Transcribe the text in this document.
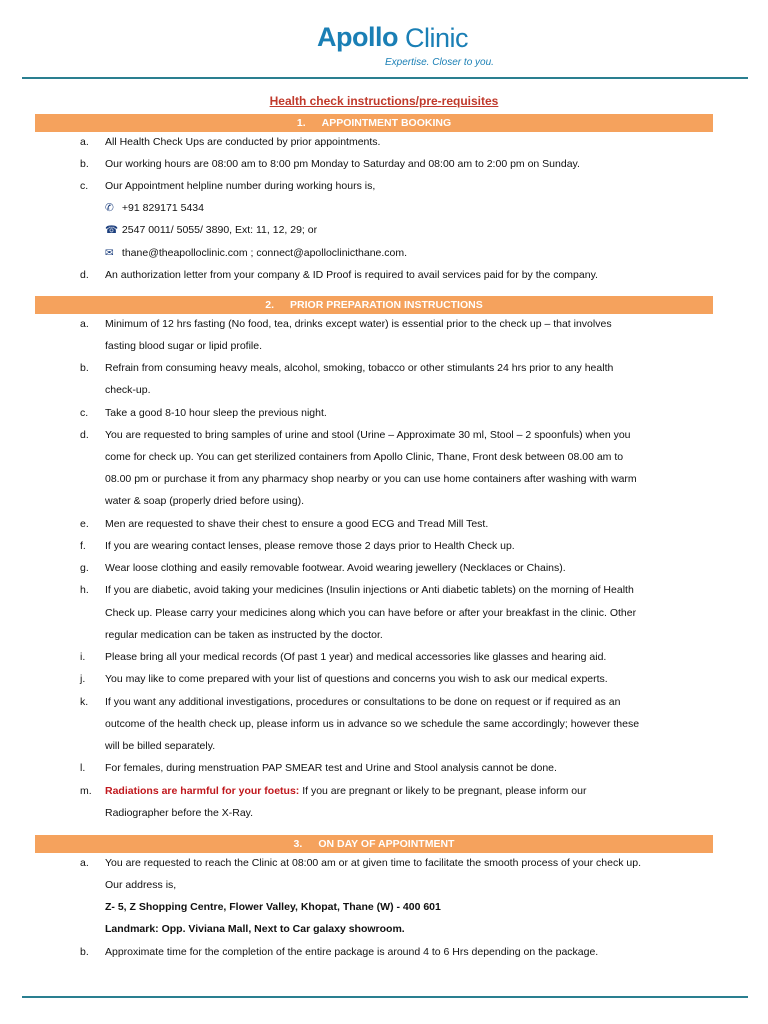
Apollo Clinic
Expertise. Closer to you.
Health check instructions/pre-requisites
1. APPOINTMENT BOOKING
a. All Health Check Ups are conducted by prior appointments.
b. Our working hours are 08:00 am to 8:00 pm Monday to Saturday and 08:00 am to 2:00 pm on Sunday.
c. Our Appointment helpline number during working hours is,
✆ +91 829171 5434
☎ 2547 0011/ 5055/ 3890, Ext: 11, 12, 29; or
✉ thane@theapolloclinic.com ; connect@apolloclinicthane.com.
d. An authorization letter from your company & ID Proof is required to avail services paid for by the company.
2. PRIOR PREPARATION INSTRUCTIONS
a. Minimum of 12 hrs fasting (No food, tea, drinks except water) is essential prior to the check up – that involves
fasting blood sugar or lipid profile.
b. Refrain from consuming heavy meals, alcohol, smoking, tobacco or other stimulants 24 hrs prior to any health
check-up.
c. Take a good 8-10 hour sleep the previous night.
d. You are requested to bring samples of urine and stool (Urine – Approximate 30 ml, Stool – 2 spoonfuls) when you
come for check up. You can get sterilized containers from Apollo Clinic, Thane, Front desk between 08.00 am to
08.00 pm or purchase it from any pharmacy shop nearby or you can use home containers after washing with warm
water & soap (properly dried before using).
e. Men are requested to shave their chest to ensure a good ECG and Tread Mill Test.
f. If you are wearing contact lenses, please remove those 2 days prior to Health Check up.
g. Wear loose clothing and easily removable footwear. Avoid wearing jewellery (Necklaces or Chains).
h. If you are diabetic, avoid taking your medicines (Insulin injections or Anti diabetic tablets) on the morning of Health
Check up. Please carry your medicines along which you can have before or after your breakfast in the clinic. Other
regular medication can be taken as instructed by the doctor.
i. Please bring all your medical records (Of past 1 year) and medical accessories like glasses and hearing aid.
j. You may like to come prepared with your list of questions and concerns you wish to ask our medical experts.
k. If you want any additional investigations, procedures or consultations to be done on request or if required as an
outcome of the health check up, please inform us in advance so we schedule the same accordingly; however these
will be billed separately.
l. For females, during menstruation PAP SMEAR test and Urine and Stool analysis cannot be done.
m. Radiations are harmful for your foetus: If you are pregnant or likely to be pregnant, please inform our
Radiographer before the X-Ray.
3. ON DAY OF APPOINTMENT
a. You are requested to reach the Clinic at 08:00 am or at given time to facilitate the smooth process of your check up.
Our address is,
Z- 5, Z Shopping Centre, Flower Valley, Khopat, Thane (W) - 400 601
Landmark: Opp. Viviana Mall, Next to Car galaxy showroom.
b. Approximate time for the completion of the entire package is around 4 to 6 Hrs depending on the package.
